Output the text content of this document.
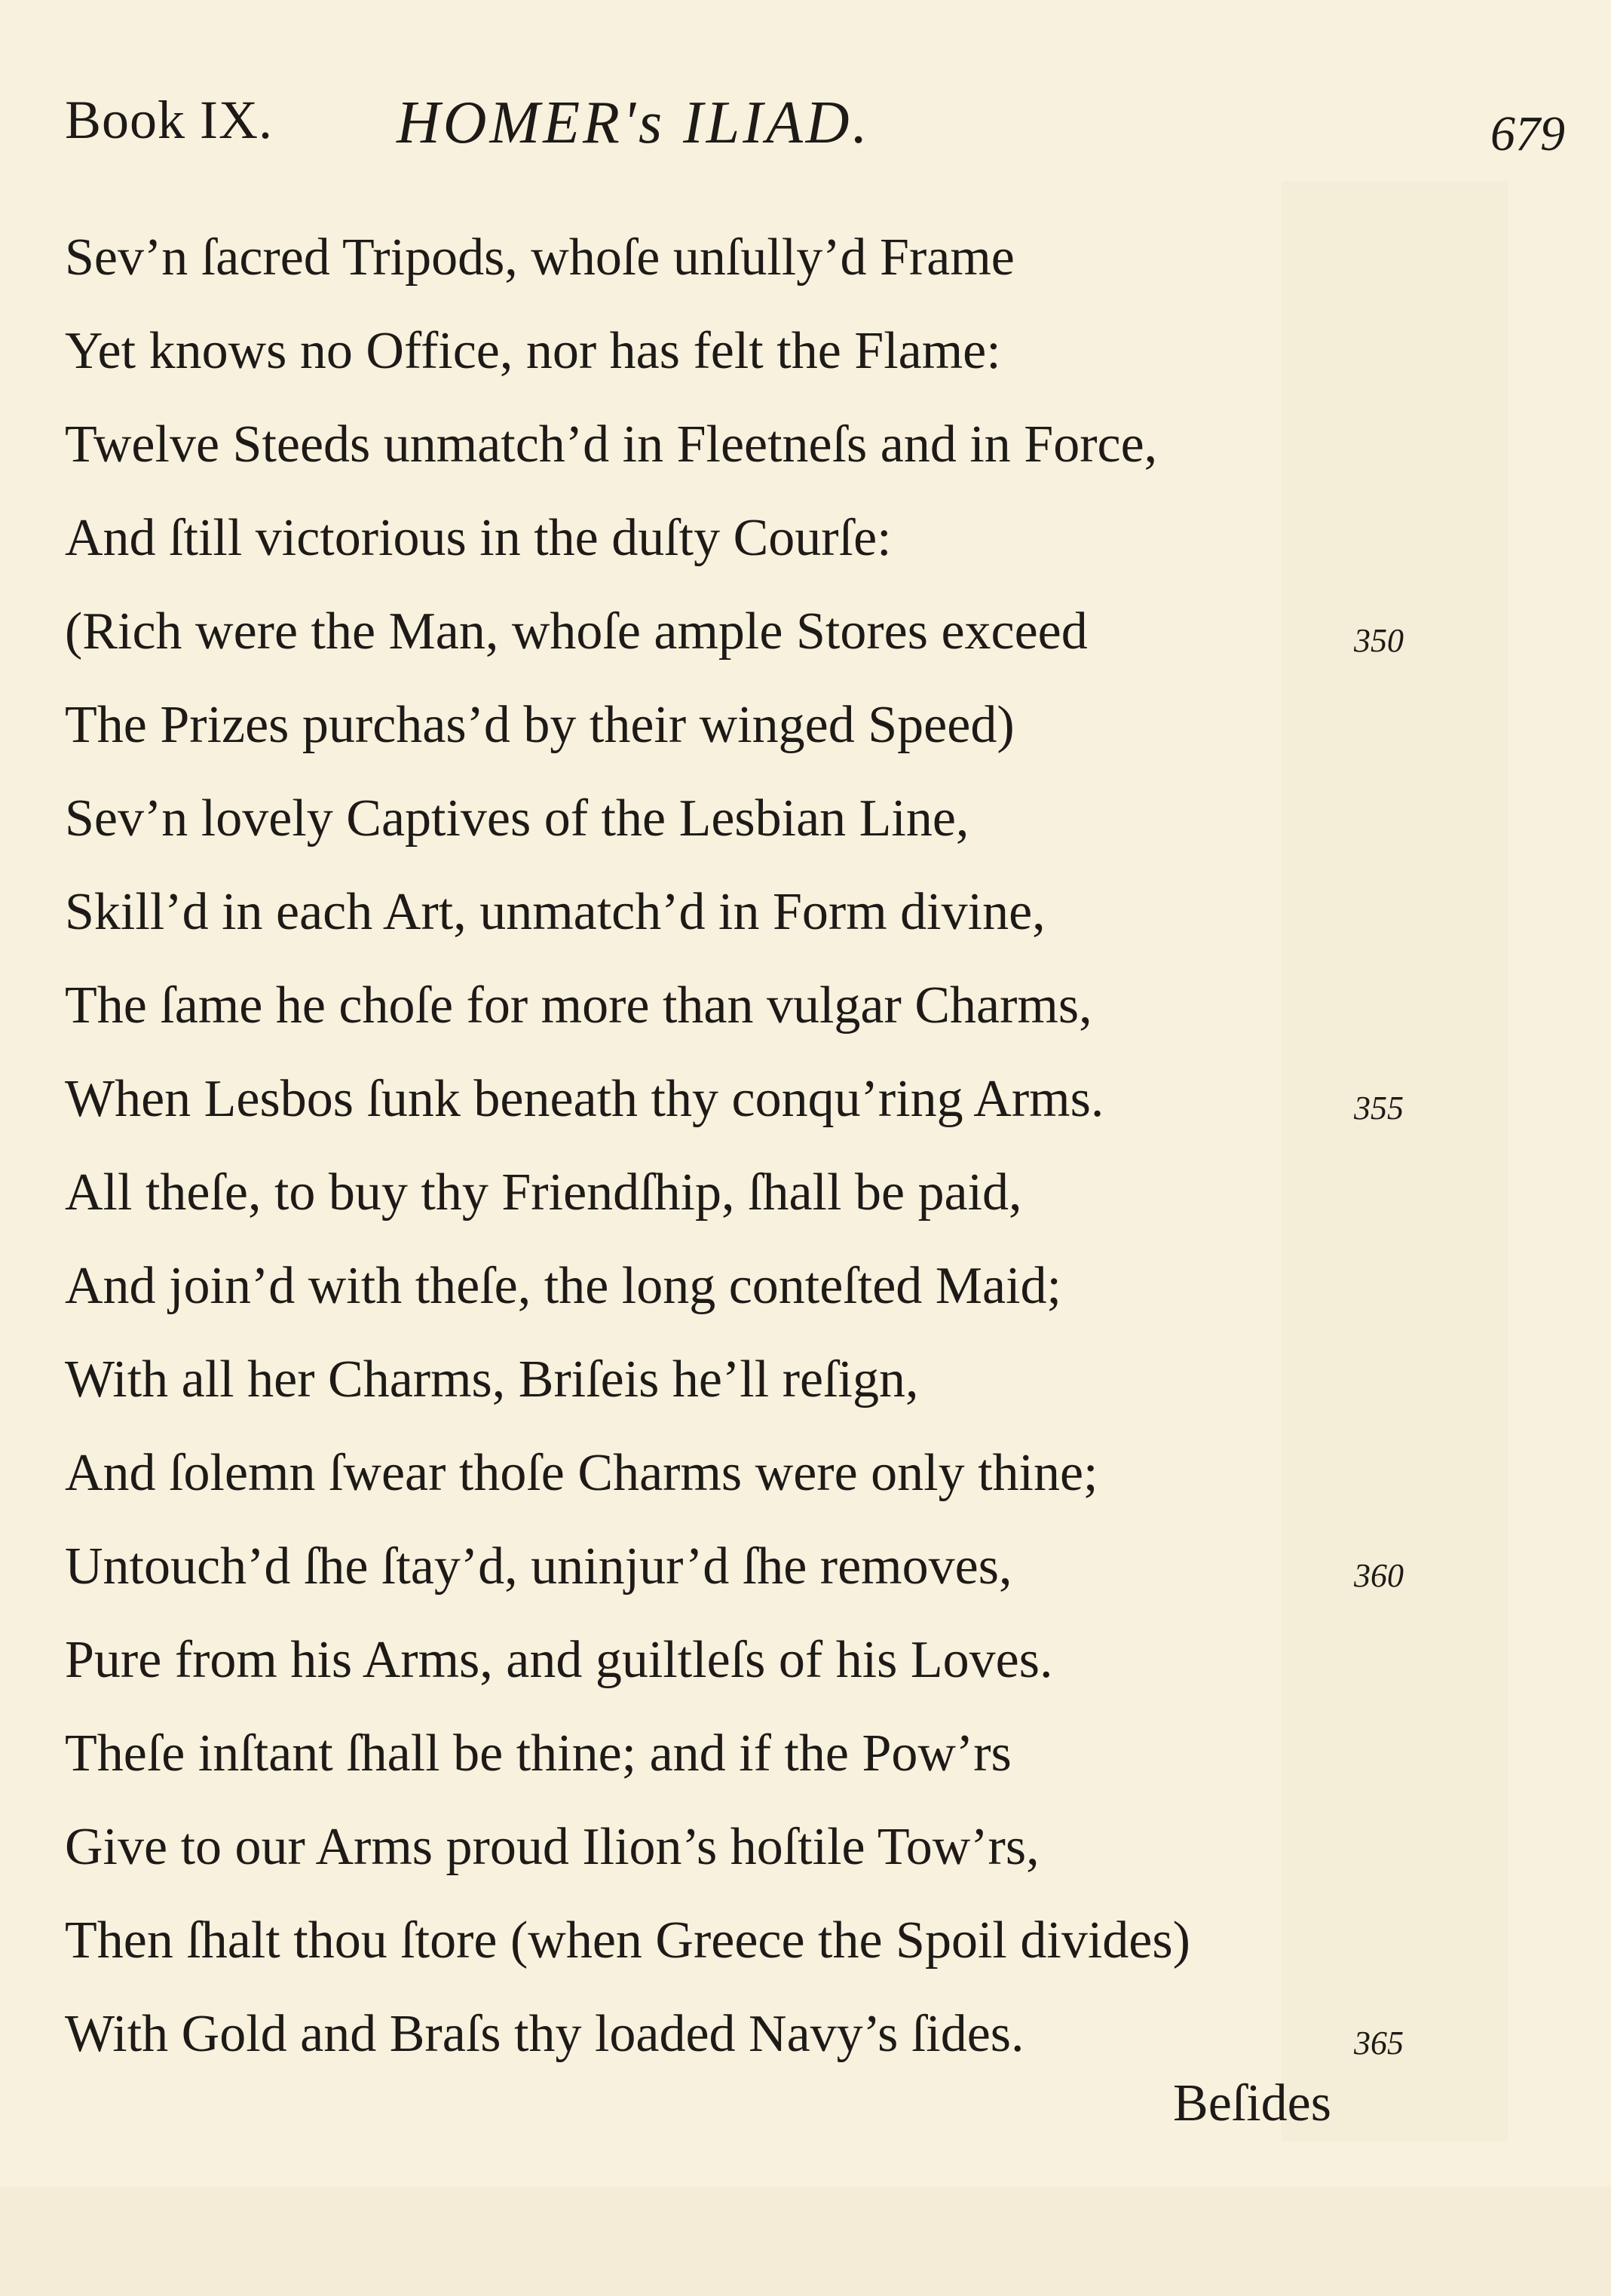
Book IX. HOMER's ILIAD.	679
Sev’n ſacred Tripods, whoſe unſully’d Frame
Yet knows no Office, nor has felt the Flame:
Twelve Steeds unmatch’d in Fleetneſs and in Force,
And ſtill victorious in the duſty Courſe:
(Rich were the Man, whoſe ample Stores exceed	350
The Prizes purchas’d by their winged Speed)
Sev’n lovely Captives of the Lesbian Line,
Skill’d in each Art, unmatch’d in Form divine,
The ſame he choſe for more than vulgar Charms,
When Lesbos ſunk beneath thy conqu’ring Arms.	355
All theſe, to buy thy Friendſhip, ſhall be paid,
And join’d with theſe, the long conteſted Maid;
With all her Charms, Briſeis he’ll reſign,
And ſolemn ſwear thoſe Charms were only thine;
Untouch’d ſhe ſtay’d, uninjur’d ſhe removes,	360
Pure from his Arms, and guiltleſs of his Loves.
Theſe inſtant ſhall be thine; and if the Pow’rs
Give to our Arms proud Ilion’s hoſtile Tow’rs,
Then ſhalt thou ſtore (when Greece the Spoil divides)
With Gold and Braſs thy loaded Navy’s ſides.	365
Beſides
